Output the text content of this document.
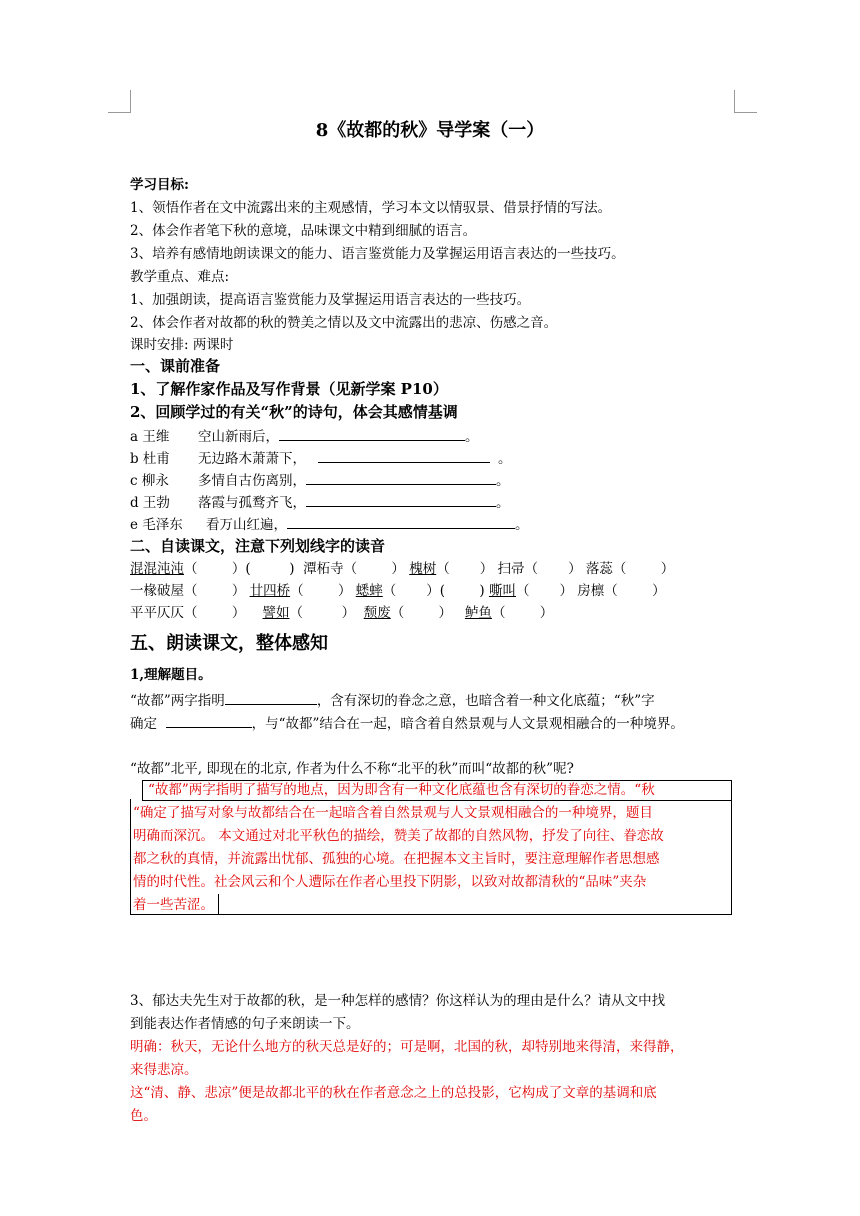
8《故都的秋》导学案（一）
学习目标:
1、领悟作者在文中流露出来的主观感情，学习本文以情驭景、借景抒情的写法。
2、体会作者笔下秋的意境，品味课文中精到细腻的语言。
3、培养有感情地朗读课文的能力、语言鉴赏能力及掌握运用语言表达的一些技巧。
教学重点、难点:
1、加强朗读，提高语言鉴赏能力及掌握运用语言表达的一些技巧。
2、体会作者对故都的秋的赞美之情以及文中流露出的悲凉、伤感之音。
课时安排: 两课时
一、课前准备
1、了解作家作品及写作背景（见新学案 P10）
2、回顾学过的有关“秋”的诗句，体会其感情基调
a 王维 空山新雨后，	。
b 杜甫 无边路木萧萧下，	。
c 柳永 多情自古伤离别，	。
d 王勃 落霞与孤鹜齐飞，	。
e 毛泽东 看万山红遍，	。
二、自读课文，注意下列划线字的读音
混混沌沌（        ）(         )  潭柘寺（        ） 槐树（       ） 扫帚（       ） 落蕊（        ）
一椽破屋（        ） 廿四桥（        ） 蟋蟀（       ）(        ) 嘶叫（       ） 房檩（        ）
平平仄仄（        ）    譬如（         ）  颓废（        ）   鲈鱼（        ）
五、朗读课文，整体感知
1,理解题目。
“故都”两字指明	，含有深切的眷念之意，也暗含着一种文化底蕴；“秋”字
确定	，与“故都”结合在一起，暗含着自然景观与人文景观相融合的一种境界。
“故都”北平, 即现在的北京, 作者为什么不称“北平的秋”而叫“故都的秋”呢?
“故都”两字指明了描写的地点，因为即含有一种文化底蕴也含有深切的眷恋之情。“秋
“确定了描写对象与故都结合在一起暗含着自然景观与人文景观相融合的一种境界，题目
明确而深沉。 本文通过对北平秋色的描绘，赞美了故都的自然风物，抒发了向往、眷恋故
都之秋的真情，并流露出忧郁、孤独的心境。在把握本文主旨时，要注意理解作者思想感
情的时代性。社会风云和个人遭际在作者心里投下阴影，以致对故都清秋的“品味”夹杂
着一些苦涩。
3、郁达夫先生对于故都的秋，是一种怎样的感情？你这样认为的理由是什么？请从文中找
到能表达作者情感的句子来朗读一下。
明确：秋天，无论什么地方的秋天总是好的；可是啊，北国的秋，却特别地来得清，来得静，
来得悲凉。
这“清、静、悲凉”便是故都北平的秋在作者意念之上的总投影，它构成了文章的基调和底
色。
